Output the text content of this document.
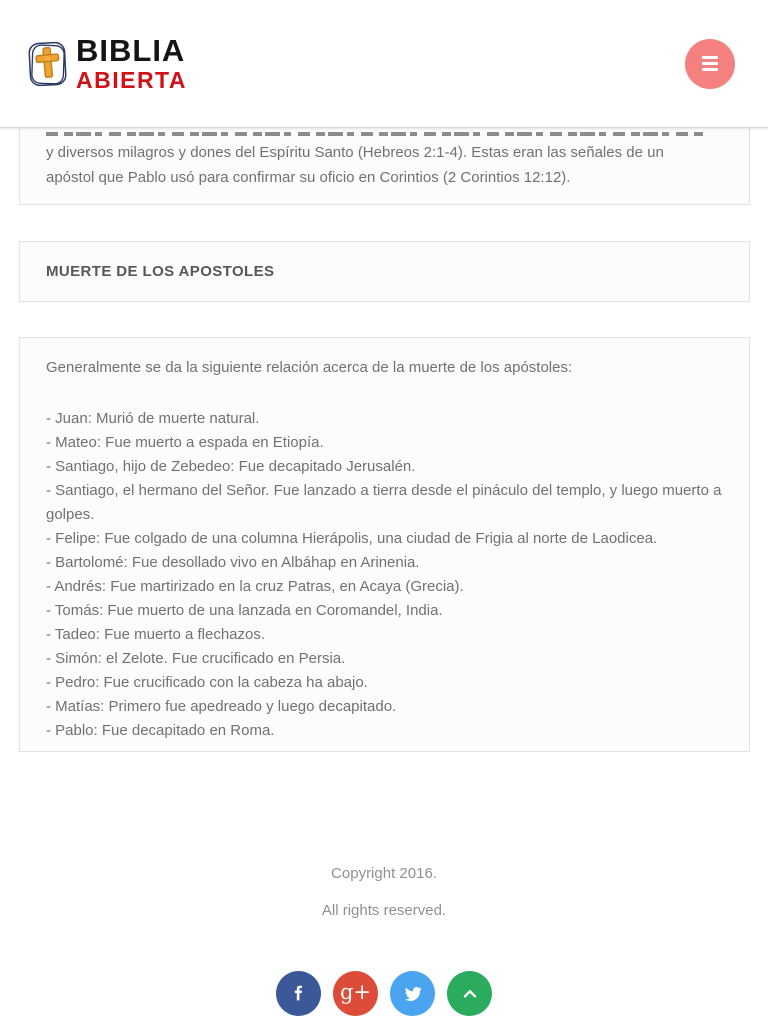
BIBLIA
ABIERTA
y diversos milagros y dones del Espíritu Santo (Hebreos 2:1-4). Estas eran las señales de un
apóstol que Pablo usó para confirmar su oficio en Corintios (2 Corintios 12:12).
MUERTE DE LOS APOSTOLES

Generalmente se da la siguiente relación acerca de la muerte de los apóstoles:

- Juan: Murió de muerte natural.
- Mateo: Fue muerto a espada en Etiopía.
- Santiago, hijo de Zebedeo: Fue decapitado Jerusalén.
- Santiago, el hermano del Señor. Fue lanzado a tierra desde el pináculo del templo, y luego muerto a golpes.
- Felipe: Fue colgado de una columna Hierápolis, una ciudad de Frigia al norte de Laodicea.
- Bartolomé: Fue desollado vivo en Albáhap en Arinenia.
- Andrés: Fue martirizado en la cruz Patras, en Acaya (Grecia).
- Tomás: Fue muerto de una lanzada en Coromandel, India.
- Tadeo: Fue muerto a flechazos.
- Simón: el Zelote. Fue crucificado en Persia.
- Pedro: Fue crucificado con la cabeza ha abajo.
- Matías: Primero fue apedreado y luego decapitado.
- Pablo: Fue decapitado en Roma.

Copyright 2016.

All rights reserved.

g+
